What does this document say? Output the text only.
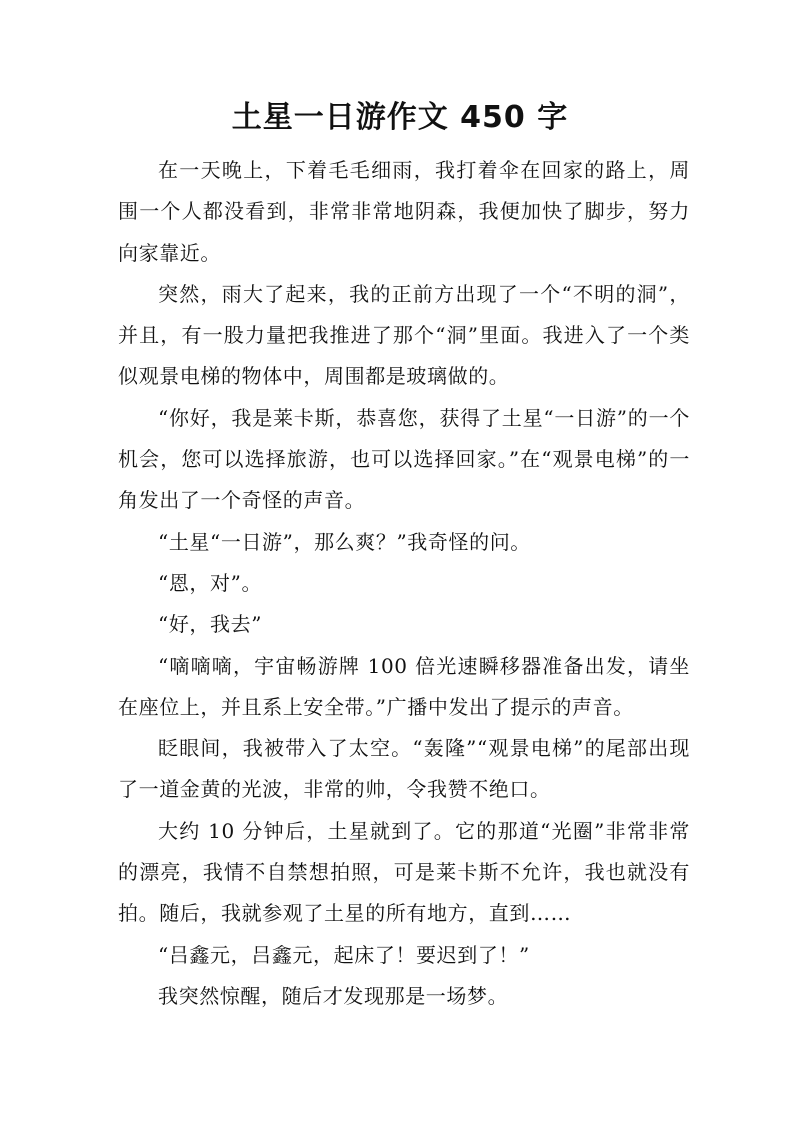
土星一日游作文 450 字

在一天晚上，下着毛毛细雨，我打着伞在回家的路上，周围一个人都没看到，非常非常地阴森，我便加快了脚步，努力向家靠近。

突然，雨大了起来，我的正前方出现了一个“不明的洞”，并且，有一股力量把我推进了那个“洞”里面。我进入了一个类似观景电梯的物体中，周围都是玻璃做的。

“你好，我是莱卡斯，恭喜您，获得了土星“一日游”的一个机会，您可以选择旅游，也可以选择回家。”在“观景电梯”的一角发出了一个奇怪的声音。

“土星“一日游”，那么爽？”我奇怪的问。

“恩，对”。

“好，我去”

“嘀嘀嘀，宇宙畅游牌 100 倍光速瞬移器准备出发，请坐在座位上，并且系上安全带。”广播中发出了提示的声音。

眨眼间，我被带入了太空。“轰隆”“观景电梯”的尾部出现了一道金黄的光波，非常的帅，令我赞不绝口。

大约 10 分钟后，土星就到了。它的那道“光圈”非常非常的漂亮，我情不自禁想拍照，可是莱卡斯不允许，我也就没有拍。随后，我就参观了土星的所有地方，直到……

“吕鑫元，吕鑫元，起床了！要迟到了！”

我突然惊醒，随后才发现那是一场梦。
